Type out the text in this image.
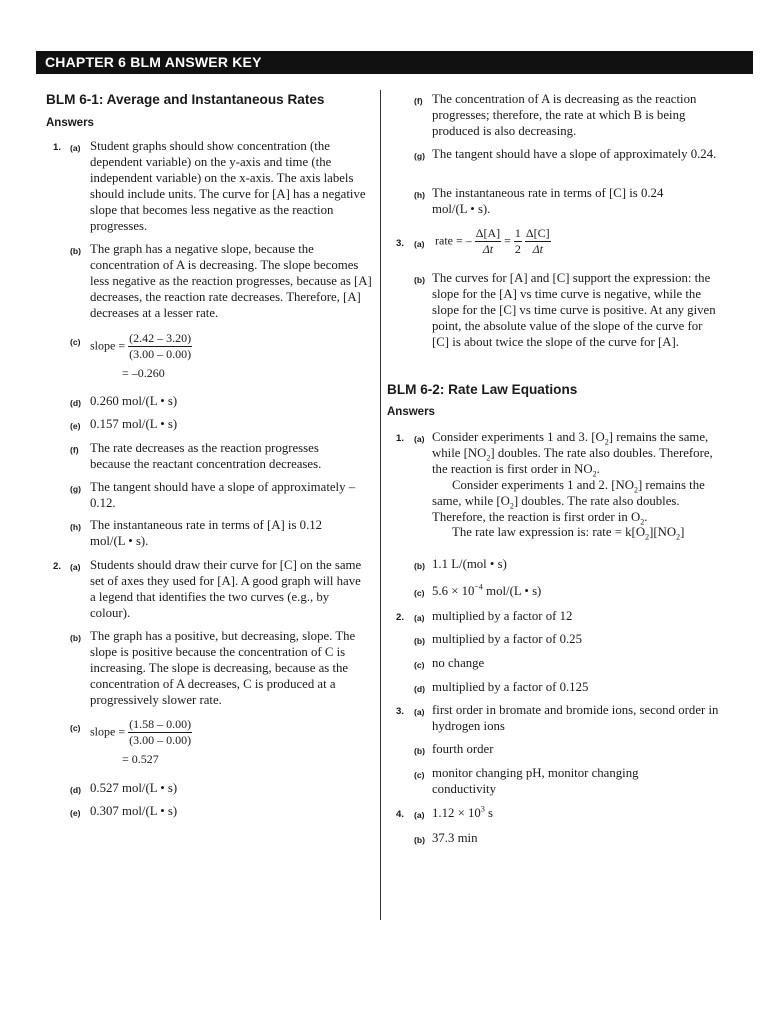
CHAPTER 6 BLM ANSWER KEY
BLM 6-1: Average and Instantaneous Rates
Answers
1. (a) Student graphs should show concentration (the dependent variable) on the y-axis and time (the independent variable) on the x-axis. The axis labels should include units. The curve for [A] has a negative slope that becomes less negative as the reaction progresses.
(b) The graph has a negative slope, because the concentration of A is decreasing. The slope becomes less negative as the reaction progresses, because as [A] decreases, the reaction rate decreases. Therefore, [A] decreases at a lesser rate.
(c) slope = $\frac{(2.42 - 3.20)}{(3.00 - 0.00)}$
= –0.260
(d) 0.260 mol/(L • s)
(e) 0.157 mol/(L • s)
(f) The rate decreases as the reaction progresses because the reactant concentration decreases.
(g) The tangent should have a slope of approximately –0.12.
(h) The instantaneous rate in terms of [A] is 0.12 mol/(L • s).
2. (a) Students should draw their curve for [C] on the same set of axes they used for [A]. A good graph will have a legend that identifies the two curves (e.g., by colour).
(b) The graph has a positive, but decreasing, slope. The slope is positive because the concentration of C is increasing. The slope is decreasing, because as the concentration of A decreases, C is produced at a progressively slower rate.
(c) slope = $\frac{(1.58 - 0.00)}{(3.00 - 0.00)}$
= 0.527
(d) 0.527 mol/(L • s)
(e) 0.307 mol/(L • s)
(f) The concentration of A is decreasing as the reaction progresses; therefore, the rate at which B is being produced is also decreasing.
(g) The tangent should have a slope of approximately 0.24.
(h) The instantaneous rate in terms of [C] is 0.24 mol/(L • s).
3. (a) rate = – $\frac{\Delta[A]}{\Delta t} = \frac{1}{2}$
$\frac{\Delta[C]}{\Delta t}$
(b) The curves for [A] and [C] support the expression: the slope for the [A] vs time curve is negative, while the slope for the [C] vs time curve is positive. At any given point, the absolute value of the slope of the curve for [C] is about twice the slope of the curve for [A].
BLM 6-2: Rate Law Equations
Answers
1. (a) Consider experiments 1 and 3. $[O_2]$ remains the same, while $[NO_2]$ doubles. The rate also doubles. Therefore, the reaction is first order in $NO_2$.
Consider experiments 1 and 2. $[NO_2]$ remains the same, while $[O_2]$ doubles. The rate also doubles. Therefore, the reaction is first order in $O_2$.
The rate law expression is: rate = $k[O_2][NO_2]$
(b) 1.1 L/(mol • s)
(c) $5.6 \times 10^{-4}$ mol/(L • s)
2. (a) multiplied by a factor of 12
(b) multiplied by a factor of 0.25
(c) no change
(d) multiplied by a factor of 0.125
3. (a) first order in bromate and bromide ions, second order in hydrogen ions
(b) fourth order
(c) monitor changing pH, monitor changing conductivity
4. (a) $1.12 \times 10^3$ s
(b) 37.3 min
